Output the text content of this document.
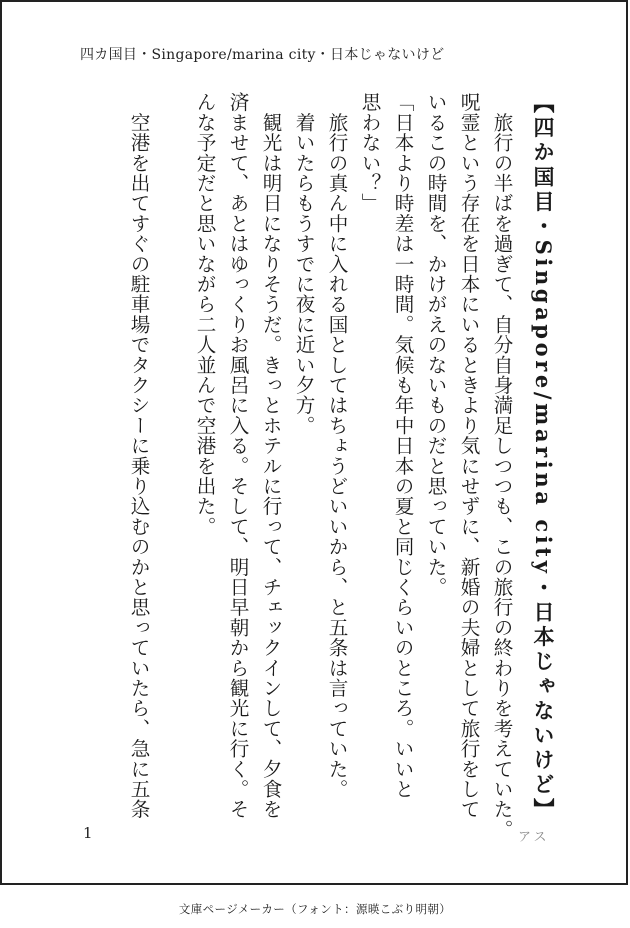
四カ国目・Singapore/marina city・日本じゃないけど
【四か国目・Singapore/marina city・日本じゃないけど】
　旅行の半ばを過ぎて、自分自身満足しつつも、この旅行の終わりを考えていた。
呪霊という存在を日本にいるときより気にせずに、新婚の夫婦として旅行をして
いるこの時間を、かけがえのないものだと思っていた。
「日本より時差は一時間。気候も年中日本の夏と同じくらいのところ。いいと
思わない？」
　旅行の真ん中に入れる国としてはちょうどいいから、と五条は言っていた。
　着いたらもうすでに夜に近い夕方。
　観光は明日になりそうだ。きっとホテルに行って、チェックインして、夕食を
済ませて、あとはゆっくりお風呂に入る。そして、明日早朝から観光に行く。そ
んな予定だと思いながら二人並んで空港を出た。

　空港を出てすぐの駐車場でタクシーに乗り込むのかと思っていたら、急に五条
1	アス
文庫ページメーカー（フォント：源暎こぶり明朝）
